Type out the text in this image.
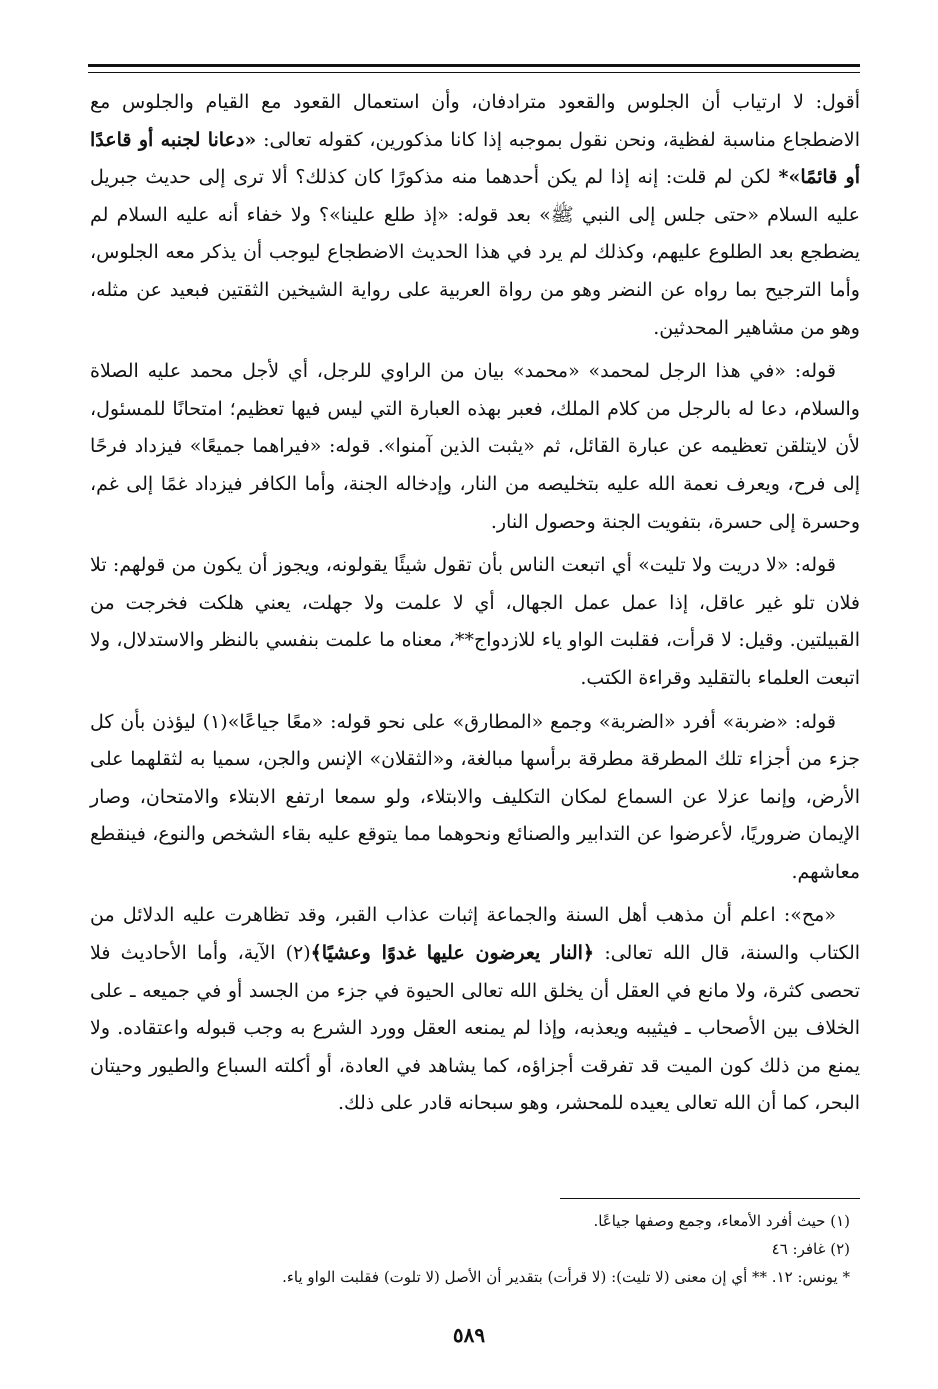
أقول: لا ارتياب أن الجلوس والقعود مترادفان، وأن استعمال القعود مع القيام والجلوس مع الاضطجاع مناسبة لفظية، ونحن نقول بموجبه إذا كانا مذكورين، كقوله تعالى: «دعانا لجنبه أو قاعدًا أو قائمًا»* لكن لم قلت: إنه إذا لم يكن أحدهما منه مذكورًا كان كذلك؟ ألا ترى إلى حديث جبريل عليه السلام «حتى جلس إلى النبي ﷺ» بعد قوله: «إذ طلع علينا»؟ ولا خفاء أنه عليه السلام لم يضطجع بعد الطلوع عليهم، وكذلك لم يرد في هذا الحديث الاضطجاع ليوجب أن يذكر معه الجلوس، وأما الترجيح بما رواه عن النضر وهو من رواة العربية على رواية الشيخين الثقتين فبعيد عن مثله، وهو من مشاهير المحدثين.

قوله: «في هذا الرجل لمحمد» «محمد» بيان من الراوي للرجل، أي لأجل محمد عليه الصلاة والسلام، دعا له بالرجل من كلام الملك، فعبر بهذه العبارة التي ليس فيها تعظيم؛ امتحانًا للمسئول، لأن لايتلقن تعظيمه عن عبارة القائل، ثم «يثبت الذين آمنوا». قوله: «فيراهما جميعًا» فيزداد فرحًا إلى فرح، ويعرف نعمة الله عليه بتخليصه من النار، وإدخاله الجنة، وأما الكافر فيزداد غمًا إلى غم، وحسرة إلى حسرة، بتفويت الجنة وحصول النار.

قوله: «لا دريت ولا تليت» أي اتبعت الناس بأن تقول شيئًا يقولونه، ويجوز أن يكون من قولهم: تلا فلان تلو غير عاقل، إذا عمل عمل الجهال، أي لا علمت ولا جهلت، يعني هلكت فخرجت من القبيلتين. وقيل: لا قرأت، فقلبت الواو ياء للازدواج**، معناه ما علمت بنفسي بالنظر والاستدلال، ولا اتبعت العلماء بالتقليد وقراءة الكتب.

قوله: «ضربة» أفرد «الضربة» وجمع «المطارق» على نحو قوله: «معًا جياعًا»(١) ليؤذن بأن كل جزء من أجزاء تلك المطرقة مطرقة برأسها مبالغة، و«الثقلان» الإنس والجن، سميا به لثقلهما على الأرض، وإنما عزلا عن السماع لمكان التكليف والابتلاء، ولو سمعا ارتفع الابتلاء والامتحان، وصار الإيمان ضروريًا، لأعرضوا عن التدابير والصنائع ونحوهما مما يتوقع عليه بقاء الشخص والنوع، فينقطع معاشهم.

«مح»: اعلم أن مذهب أهل السنة والجماعة إثبات عذاب القبر، وقد تظاهرت عليه الدلائل من الكتاب والسنة، قال الله تعالى: ﴿النار يعرضون عليها غدوًا وعشيًا﴾(٢) الآية، وأما الأحاديث فلا تحصى كثرة، ولا مانع في العقل أن يخلق الله تعالى الحيوة في جزء من الجسد أو في جميعه ـ على الخلاف بين الأصحاب ـ فيثيبه ويعذبه، وإذا لم يمنعه العقل وورد الشرع به وجب قبوله واعتقاده. ولا يمنع من ذلك كون الميت قد تفرقت أجزاؤه، كما يشاهد في العادة، أو أكلته السباع والطيور وحيتان البحر، كما أن الله تعالى يعيده للمحشر، وهو سبحانه قادر على ذلك.

(١) حيث أفرد الأمعاء، وجمع وصفها جياعًا.

(٢) غافر: ٤٦

* يونس: ١٢. ** أي إن معنى (لا تليت): (لا قرأت) بتقدير أن الأصل (لا تلوت) فقلبت الواو ياء.

٥٨٩
